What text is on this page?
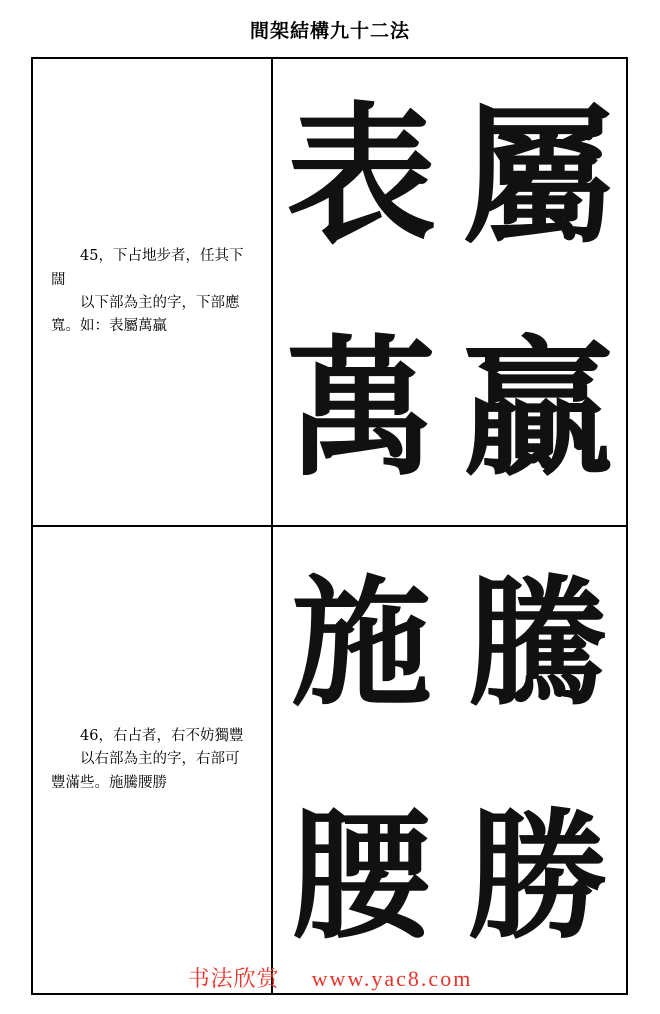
間架結構九十二法

45，下占地步者，任其下
闊

以下部為主的字，下部應
寬。如：表屬萬贏

表 屬
萬 贏

46，右占者，右不妨獨豐

以右部為主的字，右部可
豐滿些。施騰腰勝

施 騰
腰 勝
书法欣赏 www.yac8.com
